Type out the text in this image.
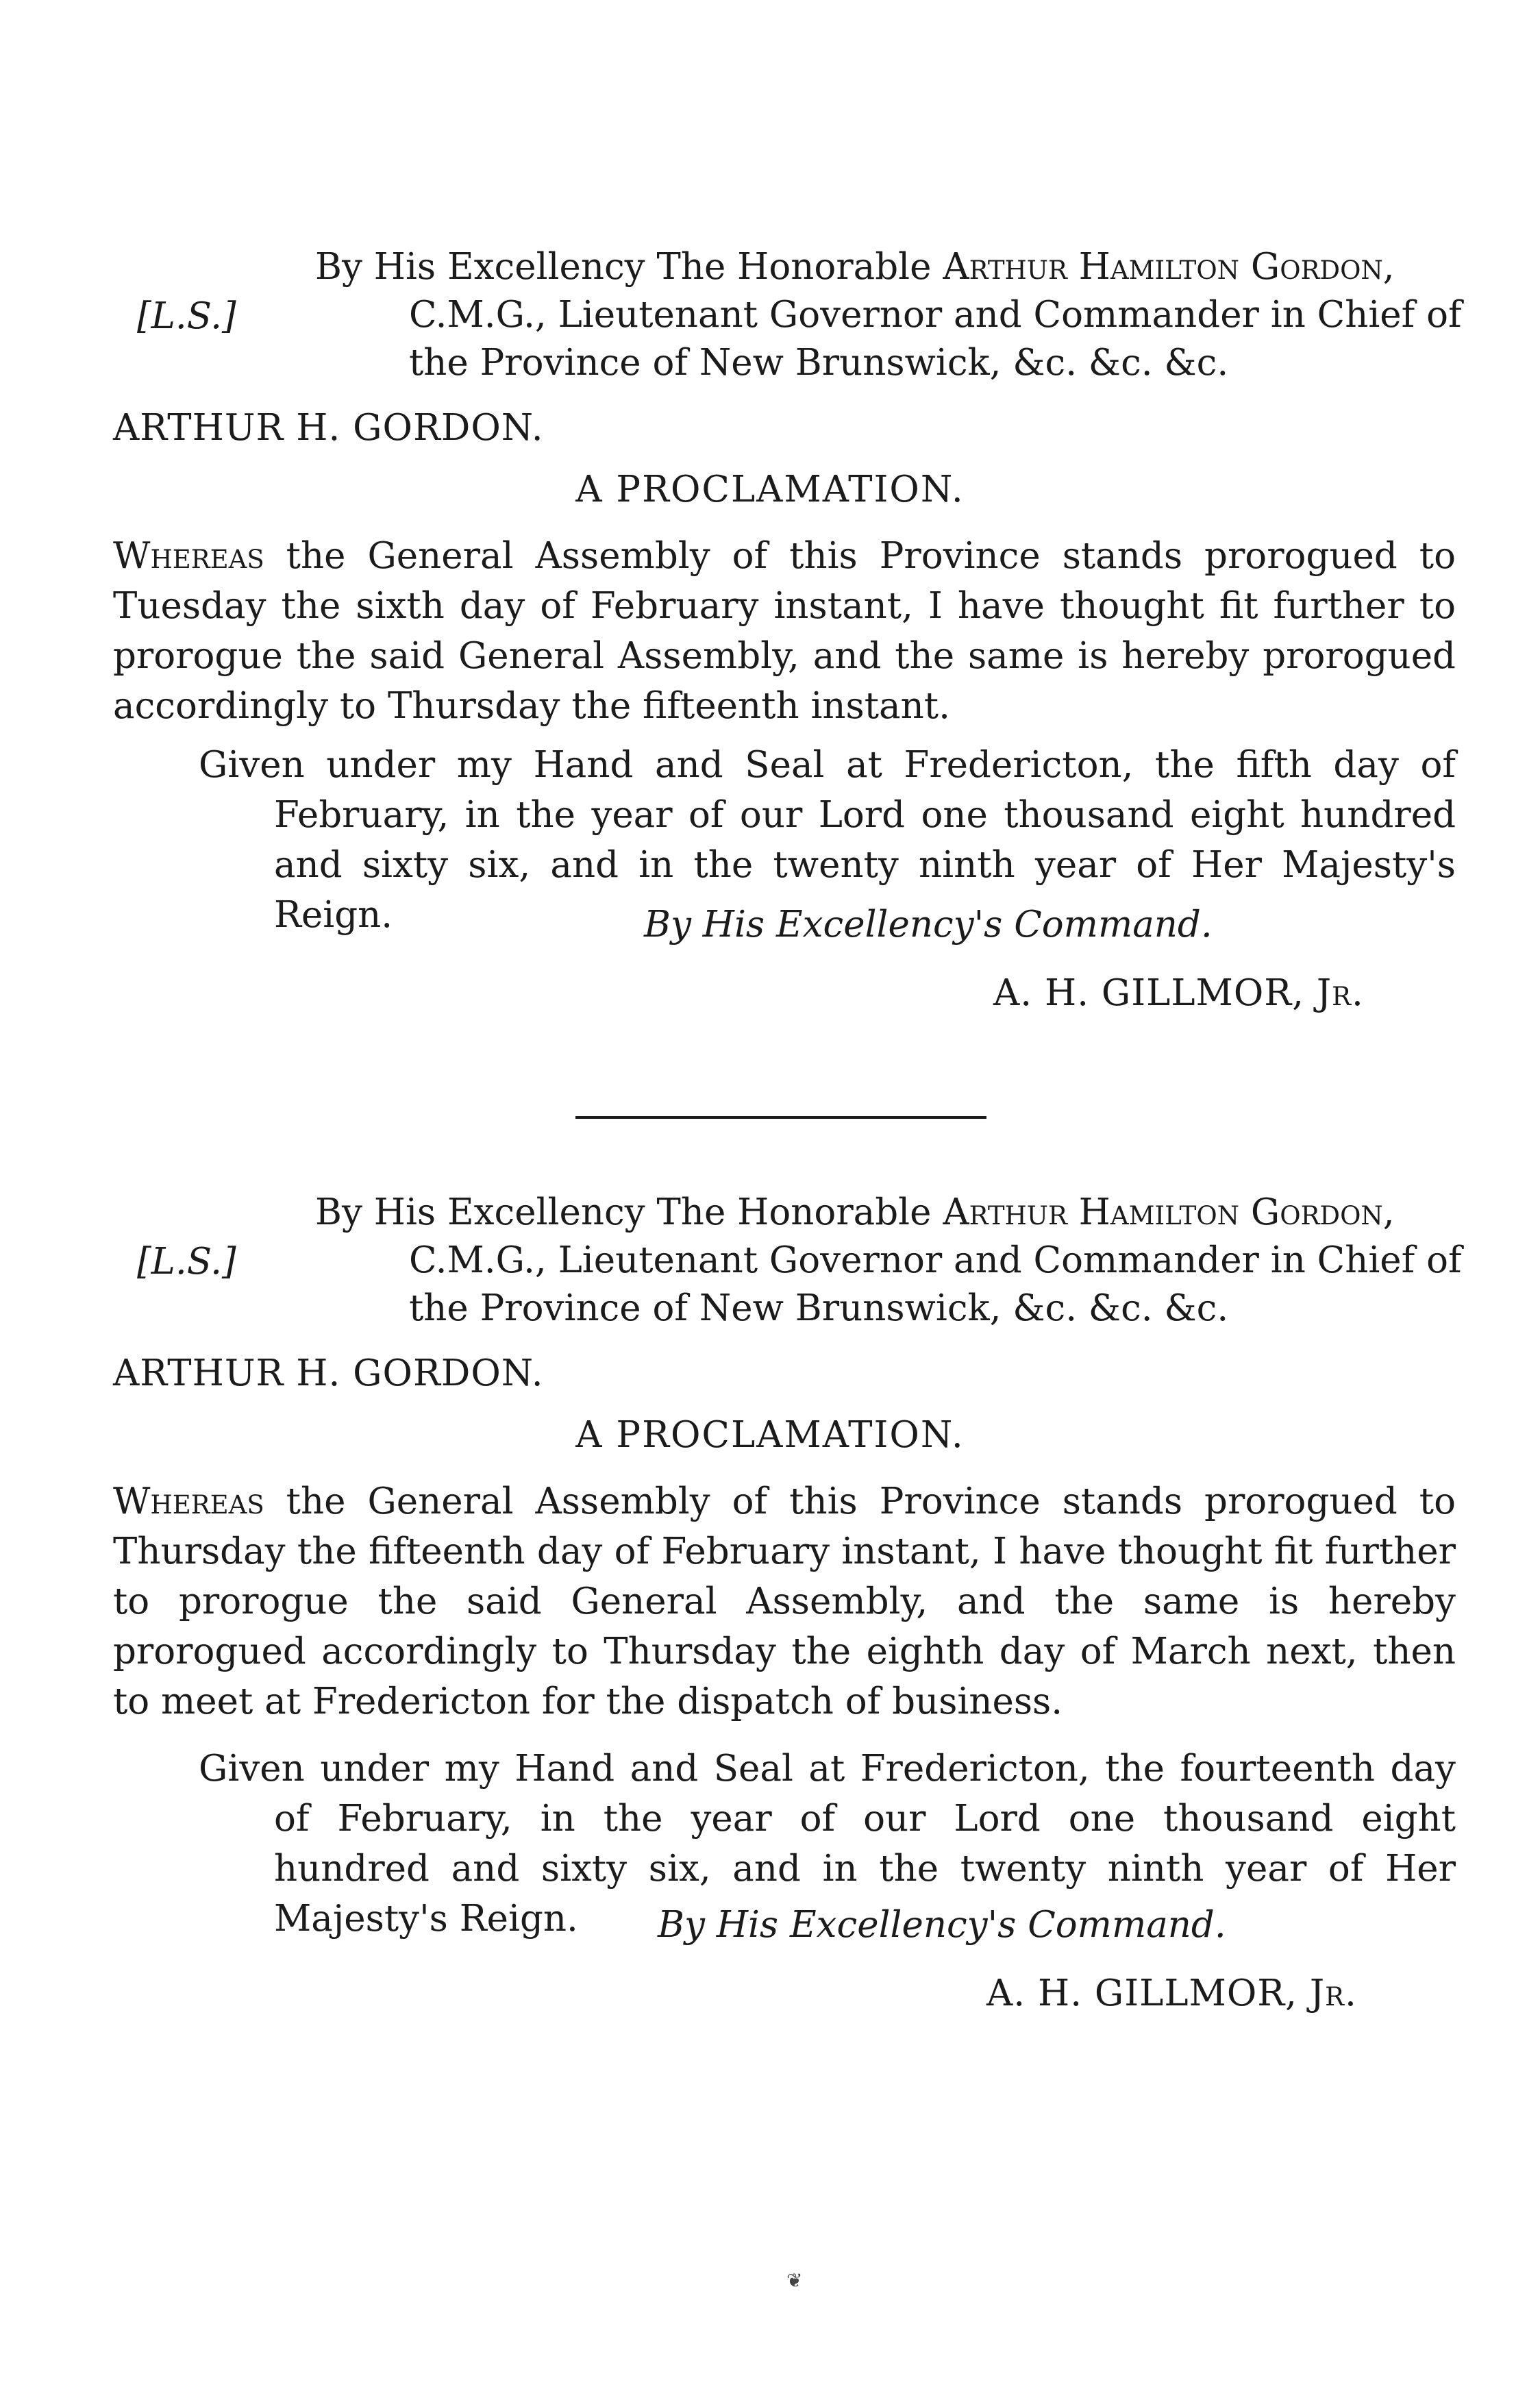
By His Excellency The Honorable Arthur Hamilton Gordon,
[L.S.]	C.M.G., Lieutenant Governor and Commander in Chief of
the Province of New Brunswick, &c. &c. &c.
ARTHUR H. GORDON.
A PROCLAMATION.
Whereas the General Assembly of this Province stands prorogued to Tuesday the sixth day of February instant, I have thought fit further to prorogue the said General Assembly, and the same is hereby prorogued accordingly to Thursday the fifteenth instant.
Given under my Hand and Seal at Fredericton, the fifth day of February, in the year of our Lord one thousand eight hundred and sixty six, and in the twenty ninth year of Her Majesty's Reign.	By His Excellency's Command.
A. H. GILLMOR, Jr.
By His Excellency The Honorable Arthur Hamilton Gordon,
[L.S.]	C.M.G., Lieutenant Governor and Commander in Chief of
the Province of New Brunswick, &c. &c. &c.
ARTHUR H. GORDON.
A PROCLAMATION.
Whereas the General Assembly of this Province stands prorogued to Thursday the fifteenth day of February instant, I have thought fit further to prorogue the said General Assembly, and the same is hereby prorogued accordingly to Thursday the eighth day of March next, then to meet at Fredericton for the dispatch of business.
Given under my Hand and Seal at Fredericton, the fourteenth day of February, in the year of our Lord one thousand eight hundred and sixty six, and in the twenty ninth year of Her Majesty's Reign.	By His Excellency's Command.
A. H. GILLMOR, Jr.
❦
